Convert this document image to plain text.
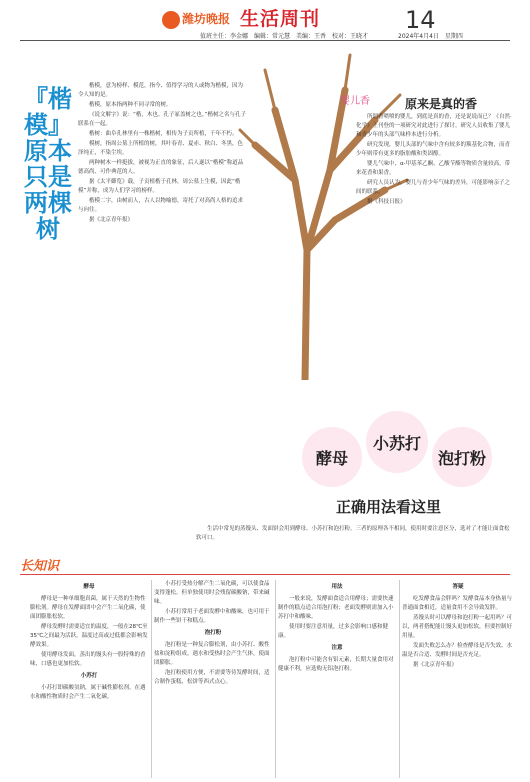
潍坊晚报 生活周刊	14
值班主任：李金娜　编辑：常元慧　美编：王香　校对：王晓才	2024年4月4日　星期四
『楷模』原本只是两棵树

楷模，意为榜样、模范，指今、值得学习的人或物为楷模，因为令人知的是。

楷模，原本指两种不同寻常的树。

《说文解字》说：“楷，木也。孔子冢盖树之也。”楷树之名与孔子联系在一起。

楷树：曲阜孔林里有一株楷树，相传为子贡所植，千年不朽。

模树，指周公墓上所植的树，其叶春青、夏赤、秋白、冬黑，色泽纯正，不染尘埃。

两种树木一样挺拔，被视为正直的象征，后人遂以“楷模”称道品德高尚、可作典范的人。

据《太平御览》载，子贡植楷于孔林，周公墓上生模，因此“楷模”并称，成为人们学习的榜样。

楷模二字，由树而人，古人以物喻德，寄托了对高尚人格的追求与向往。

据《北京青年报》

婴儿香	原来是真的香

所谓香喷喷的婴儿，到底是真的香，还是说说而已？《自然·化学》上刊登的一项研究对此进行了探讨。研究人员收集了婴儿和青少年的头部气味样本进行分析。

研究发现，婴儿头部的气味中含有较多的羰基化合物，而青少年则带有更多的脂肪酸和类固醇。

婴儿气味中，α-甲基苯乙酮、乙酸苄酯等物质含量较高，带来花香和果香。

研究人员认为，婴儿与青少年气味的差异，可能影响亲子之间的联系。

据《科技日报》

酵母
小苏打
泡打粉
正确用法看这里
生活中常见的蒸馒头、发面饼会用到酵母、小苏打和泡打粉。三者的原理各不相同，使用时要注意区分，选对了才能让面食松软可口。
长知识

酵母

酵母是一种单细胞真菌，属于天然的生物性膨松剂。酵母在发酵面团中会产生二氧化碳，使面团膨胀松软。

酵母发酵时需要适宜的温度，一般在28℃至35℃之间最为活跃，温度过高或过低都会影响发酵效果。

使用酵母发面，蒸出的馒头有一股特殊的香味，口感也更加松软。

小苏打

小苏打即碳酸氢钠，属于碱性膨松剂。在遇水和酸性物质时会产生二氧化碳。

小苏打受热分解产生二氧化碳，可以使食品变得蓬松。但单独使用时会残留碳酸钠，带来碱味。

小苏打常用于老面发酵中和酸味，也可用于制作一些饼干和糕点。

泡打粉

泡打粉是一种复合膨松剂，由小苏打、酸性盐和淀粉组成。遇水和受热时会产生气体，使面团膨胀。

泡打粉使用方便，不需要等待发酵时间，适合制作蛋糕、松饼等西式点心。

用法

一般来说，发酵面食适合用酵母；需要快速制作的糕点适合用泡打粉；老面发酵则需加入小苏打中和酸味。

使用时要注意用量，过多会影响口感和健康。

注意

泡打粉中可能含有铝元素，长期大量食用对健康不利，应选购无铝泡打粉。

答疑

吃发酵食品会胖吗？发酵食品本身热量与普通面食相近，适量食用不会导致发胖。

蒸馒头时可以酵母和泡打粉一起用吗？可以，两者搭配能让馒头更加松软，但要控制好用量。

发面失败怎么办？检查酵母是否失效、水温是否合适、发酵时间是否充足。

据《北京青年报》
